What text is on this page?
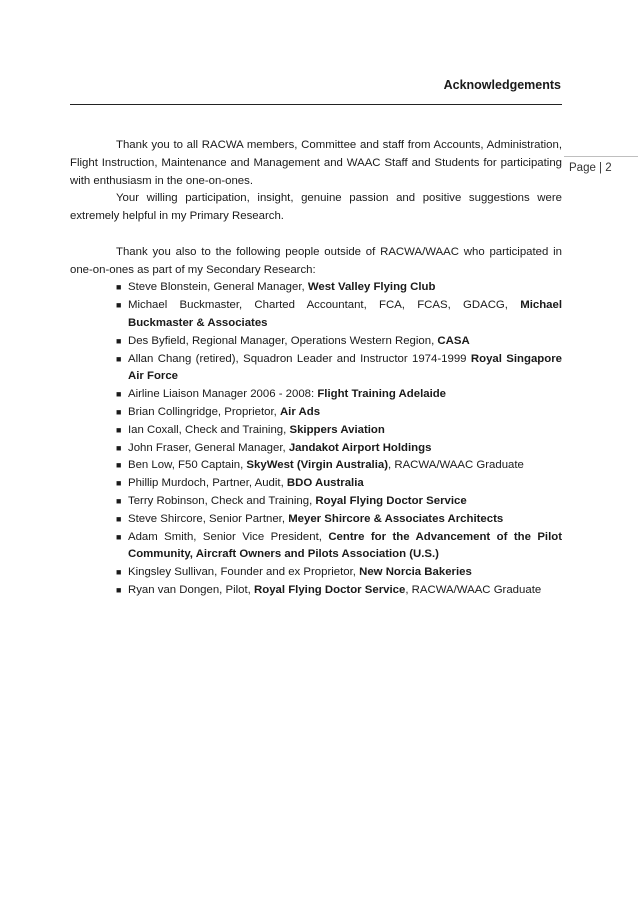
Acknowledgements
Page | 2

Thank you to all RACWA members, Committee and staff from Accounts, Administration, Flight Instruction, Maintenance and Management and WAAC Staff and Students for participating with enthusiasm in the one-on-ones.

Your willing participation, insight, genuine passion and positive suggestions were extremely helpful in my Primary Research.

Thank you also to the following people outside of RACWA/WAAC who participated in one-on-ones as part of my Secondary Research:

■ Steve Blonstein, General Manager, West Valley Flying Club
■ Michael Buckmaster, Charted Accountant, FCA, FCAS, GDACG, Michael Buckmaster & Associates
■ Des Byfield, Regional Manager, Operations Western Region, CASA
■ Allan Chang (retired), Squadron Leader and Instructor 1974-1999 Royal Singapore Air Force
■ Airline Liaison Manager 2006 - 2008: Flight Training Adelaide
■ Brian Collingridge, Proprietor, Air Ads
■ Ian Coxall, Check and Training, Skippers Aviation
■ John Fraser, General Manager, Jandakot Airport Holdings
■ Ben Low, F50 Captain, SkyWest (Virgin Australia), RACWA/WAAC Graduate
■ Phillip Murdoch, Partner, Audit, BDO Australia
■ Terry Robinson, Check and Training, Royal Flying Doctor Service
■ Steve Shircore, Senior Partner, Meyer Shircore & Associates Architects
■ Adam Smith, Senior Vice President, Centre for the Advancement of the Pilot Community, Aircraft Owners and Pilots Association (U.S.)
■ Kingsley Sullivan, Founder and ex Proprietor, New Norcia Bakeries
■ Ryan van Dongen, Pilot, Royal Flying Doctor Service, RACWA/WAAC Graduate
